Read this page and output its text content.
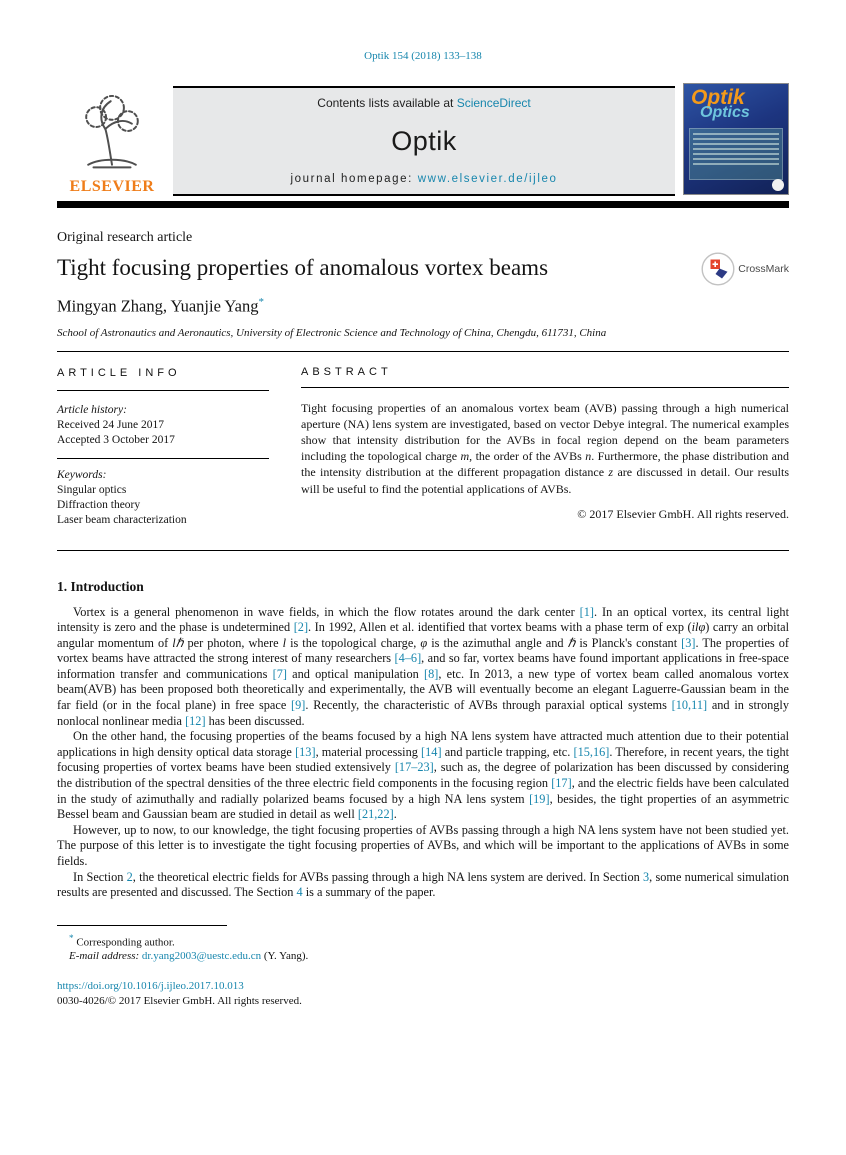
Optik 154 (2018) 133–138
ELSEVIER
Contents lists available at ScienceDirect
Optik
journal homepage: www.elsevier.de/ijleo
Optik
Optics
Original research article
Tight focusing properties of anomalous vortex beams	CrossMark
Mingyan Zhang, Yuanjie Yang*
School of Astronautics and Aeronautics, University of Electronic Science and Technology of China, Chengdu, 611731, China
ARTICLE INFO
Article history:
Received 24 June 2017
Accepted 3 October 2017
Keywords:
Singular optics
Diffraction theory
Laser beam characterization
ABSTRACT

Tight focusing properties of an anomalous vortex beam (AVB) passing through a high numerical aperture (NA) lens system are investigated, based on vector Debye integral. The numerical examples show that intensity distribution for the AVBs in focal region depend on the beam parameters including the topological charge m, the order of the AVBs n. Furthermore, the phase distribution and the intensity distribution at the different propagation distance z are discussed in detail. Our results will be useful to find the potential applications of AVBs.

© 2017 Elsevier GmbH. All rights reserved.
1. Introduction

Vortex is a general phenomenon in wave fields, in which the flow rotates around the dark center [1]. In an optical vortex, its central light intensity is zero and the phase is undetermined [2]. In 1992, Allen et al. identified that vortex beams with a phase term of exp (ilφ) carry an orbital angular momentum of lℏ per photon, where l is the topological charge, φ is the azimuthal angle and ℏ is Planck's constant [3]. The properties of vortex beams have attracted the strong interest of many researchers [4–6], and so far, vortex beams have found important applications in free-space information transfer and communications [7] and optical manipulation [8], etc. In 2013, a new type of vortex beam called anomalous vortex beam(AVB) has been proposed both theoretically and experimentally, the AVB will eventually become an elegant Laguerre-Gaussian beam in the far field (or in the focal plane) in free space [9]. Recently, the characteristic of AVBs through paraxial optical systems [10,11] and in strongly nonlocal nonlinear media [12] has been discussed.

On the other hand, the focusing properties of the beams focused by a high NA lens system have attracted much attention due to their potential applications in high density optical data storage [13], material processing [14] and particle trapping, etc. [15,16]. Therefore, in recent years, the tight focusing properties of vortex beams have been studied extensively [17–23], such as, the degree of polarization has been discussed by considering the distribution of the spectral densities of the three electric field components in the focusing region [17], and the electric fields have been calculated in the study of azimuthally and radially polarized beams focused by a high NA lens system [19], besides, the tight properties of an asymmetric Bessel beam and Gaussian beam are studied in detail as well [21,22].

However, up to now, to our knowledge, the tight focusing properties of AVBs passing through a high NA lens system have not been studied yet. The purpose of this letter is to investigate the tight focusing properties of AVBs, and which will be important to the applications of AVBs in some fields.

In Section 2, the theoretical electric fields for AVBs passing through a high NA lens system are derived. In Section 3, some numerical simulation results are presented and discussed. The Section 4 is a summary of the paper.

* Corresponding author.
E-mail address: dr.yang2003@uestc.edu.cn (Y. Yang).
https://doi.org/10.1016/j.ijleo.2017.10.013
0030-4026/© 2017 Elsevier GmbH. All rights reserved.
